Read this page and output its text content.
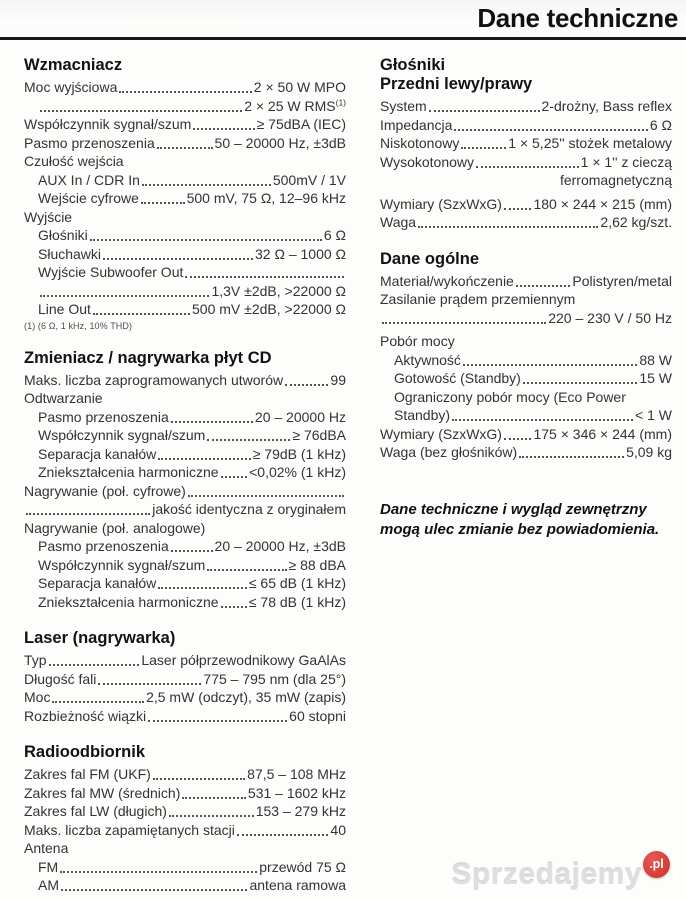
Dane techniczne
Wzmacniacz
Moc wyjściowa	2 × 50 W MPO
2 × 25 W RMS$^{(1)}$
Współczynnik sygnał/szum	≥ 75dBA (IEC)
Pasmo przenoszenia	50 – 20000 Hz, ±3dB
Czułość wejścia
AUX In / CDR In	500mV / 1V
Wejście cyfrowe	500 mV, 75 Ω, 12–96 kHz
Wyjście
Głośniki	6 Ω
Słuchawki	32 Ω – 1000 Ω
Wyjście Subwoofer Out
1,3V ±2dB, >22000 Ω
Line Out	500 mV ±2dB, >22000 Ω
(1) (6 Ω, 1 kHz, 10% THD)
Zmieniacz / nagrywarka płyt CD
Maks. liczba zaprogramowanych utworów	99
Odtwarzanie
Pasmo przenoszenia	20 – 20000 Hz
Współczynnik sygnał/szum	≥ 76dBA
Separacja kanałów	≥ 79dB (1 kHz)
Zniekształcenia harmoniczne <0,02% (1 kHz)
Nagrywanie (poł. cyfrowe)
jakość identyczna z oryginałem
Nagrywanie (poł. analogowe)
Pasmo przenoszenia	20 – 20000 Hz, ±3dB
Współczynnik sygnał/szum	≥ 88 dBA
Separacja kanałów	≤ 65 dB (1 kHz)
Zniekształcenia harmoniczne ≤ 78 dB (1 kHz)
Laser (nagrywarka)
Typ	Laser półprzewodnikowy GaAlAs
Długość fali	775 – 795 nm (dla 25°)
Moc	2,5 mW (odczyt), 35 mW (zapis)
Rozbieżność wiązki	60 stopni
Radioodbiornik
Zakres fal FM (UKF)	87,5 – 108 MHz
Zakres fal MW (średnich)	531 – 1602 kHz
Zakres fal LW (długich)	153 – 279 kHz
Maks. liczba zapamiętanych stacji	40
Antena
FM	przewód 75 Ω
AM	antena ramowa
Głośniki
Przedni lewy/prawy
System	2-drożny, Bass reflex
Impedancja	6 Ω
Niskotonowy	1 × 5,25'' stożek metalowy
Wysokotonowy	1 × 1'' z cieczą
ferromagnetyczną
Wymiary (SzxWxG) 180 × 244 × 215 (mm)
Waga	2,62 kg/szt.
Dane ogólne
Materiał/wykończenie	Polistyren/metal
Zasilanie prądem przemiennym
220 – 230 V / 50 Hz
Pobór mocy
Aktywność	88 W
Gotowość (Standby)	15 W
Ograniczony pobór mocy (Eco Power
Standby)	< 1 W
Wymiary (SzxWxG) 175 × 346 × 244 (mm)
Waga (bez głośników)	5,09 kg
Dane techniczne i wygląd zewnętrzny mogą ulec zmianie bez powiadomienia.
Sprzedajemy .pl
